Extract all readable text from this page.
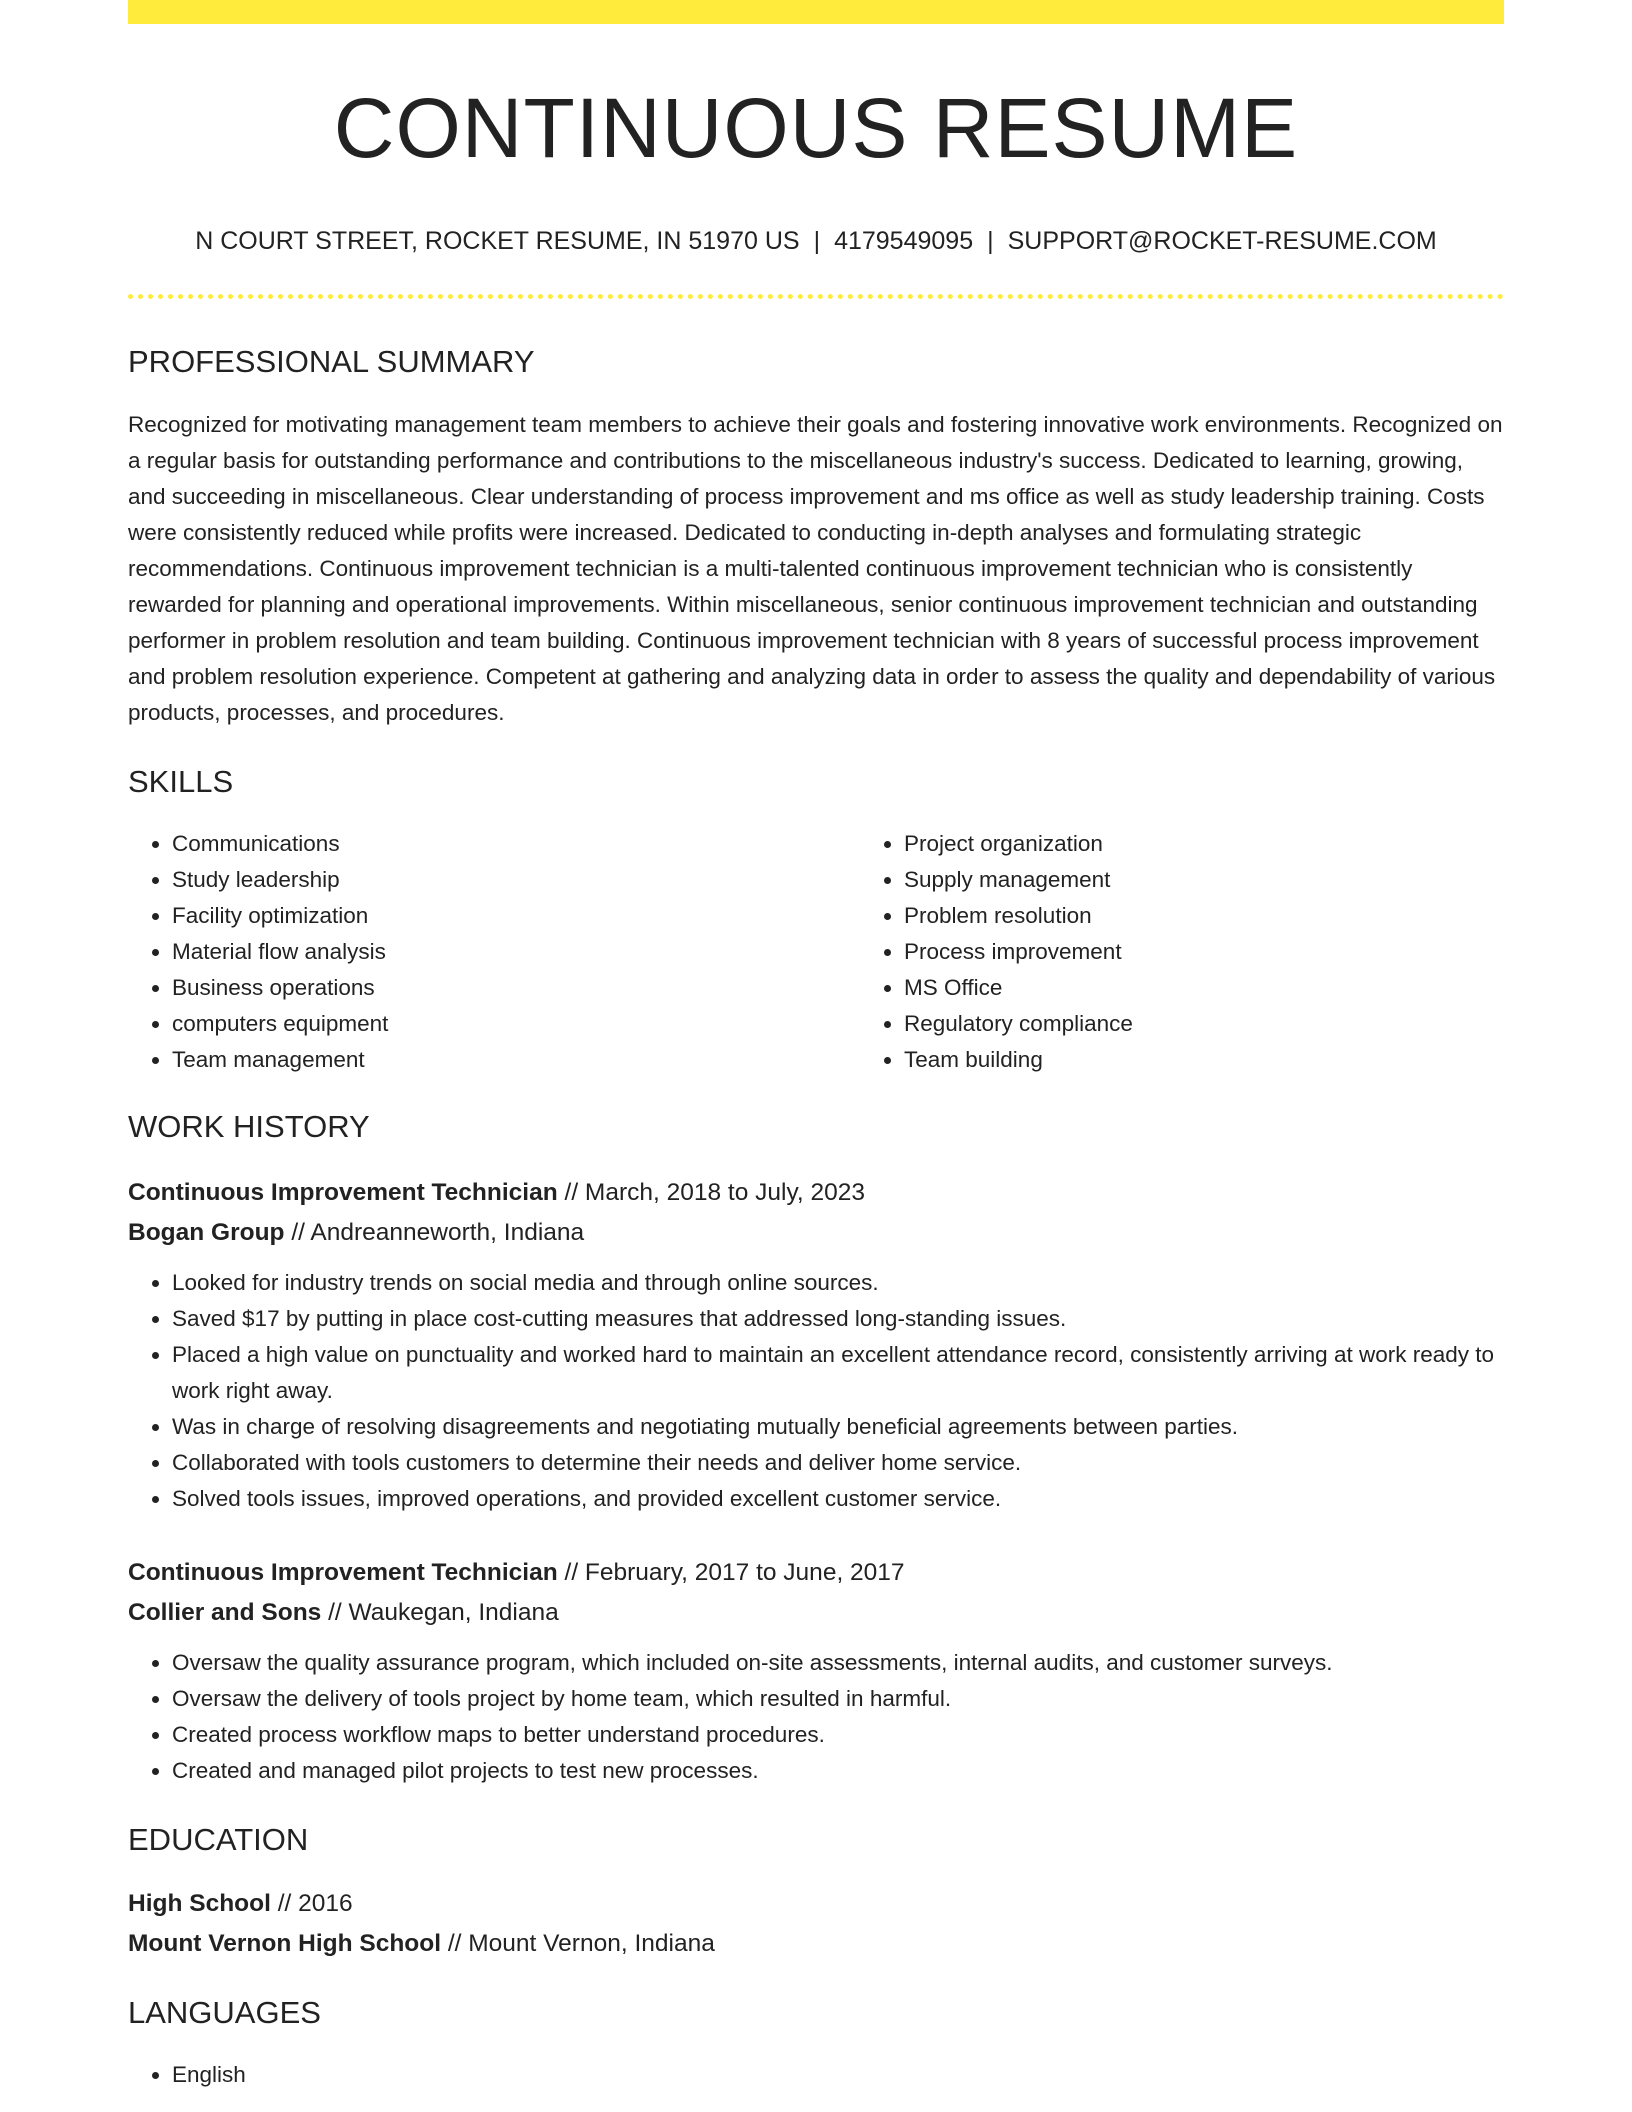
CONTINUOUS RESUME
N COURT STREET, ROCKET RESUME, IN 51970 US | 4179549095 | SUPPORT@ROCKET-RESUME.COM
PROFESSIONAL SUMMARY
Recognized for motivating management team members to achieve their goals and fostering innovative work environments. Recognized on a regular basis for outstanding performance and contributions to the miscellaneous industry's success. Dedicated to learning, growing, and succeeding in miscellaneous. Clear understanding of process improvement and ms office as well as study leadership training. Costs were consistently reduced while profits were increased. Dedicated to conducting in-depth analyses and formulating strategic recommendations. Continuous improvement technician is a multi-talented continuous improvement technician who is consistently rewarded for planning and operational improvements. Within miscellaneous, senior continuous improvement technician and outstanding performer in problem resolution and team building. Continuous improvement technician with 8 years of successful process improvement and problem resolution experience. Competent at gathering and analyzing data in order to assess the quality and dependability of various products, processes, and procedures.
SKILLS
• Communications
• Study leadership
• Facility optimization
• Material flow analysis
• Business operations
• computers equipment
• Team management
• Project organization
• Supply management
• Problem resolution
• Process improvement
• MS Office
• Regulatory compliance
• Team building
WORK HISTORY
Continuous Improvement Technician // March, 2018 to July, 2023
Bogan Group // Andreanneworth, Indiana
• Looked for industry trends on social media and through online sources.
• Saved $17 by putting in place cost-cutting measures that addressed long-standing issues.
• Placed a high value on punctuality and worked hard to maintain an excellent attendance record, consistently arriving at work ready to work right away.
• Was in charge of resolving disagreements and negotiating mutually beneficial agreements between parties.
• Collaborated with tools customers to determine their needs and deliver home service.
• Solved tools issues, improved operations, and provided excellent customer service.
Continuous Improvement Technician // February, 2017 to June, 2017
Collier and Sons // Waukegan, Indiana
• Oversaw the quality assurance program, which included on-site assessments, internal audits, and customer surveys.
• Oversaw the delivery of tools project by home team, which resulted in harmful.
• Created process workflow maps to better understand procedures.
• Created and managed pilot projects to test new processes.
EDUCATION
High School // 2016
Mount Vernon High School // Mount Vernon, Indiana
LANGUAGES
• English
